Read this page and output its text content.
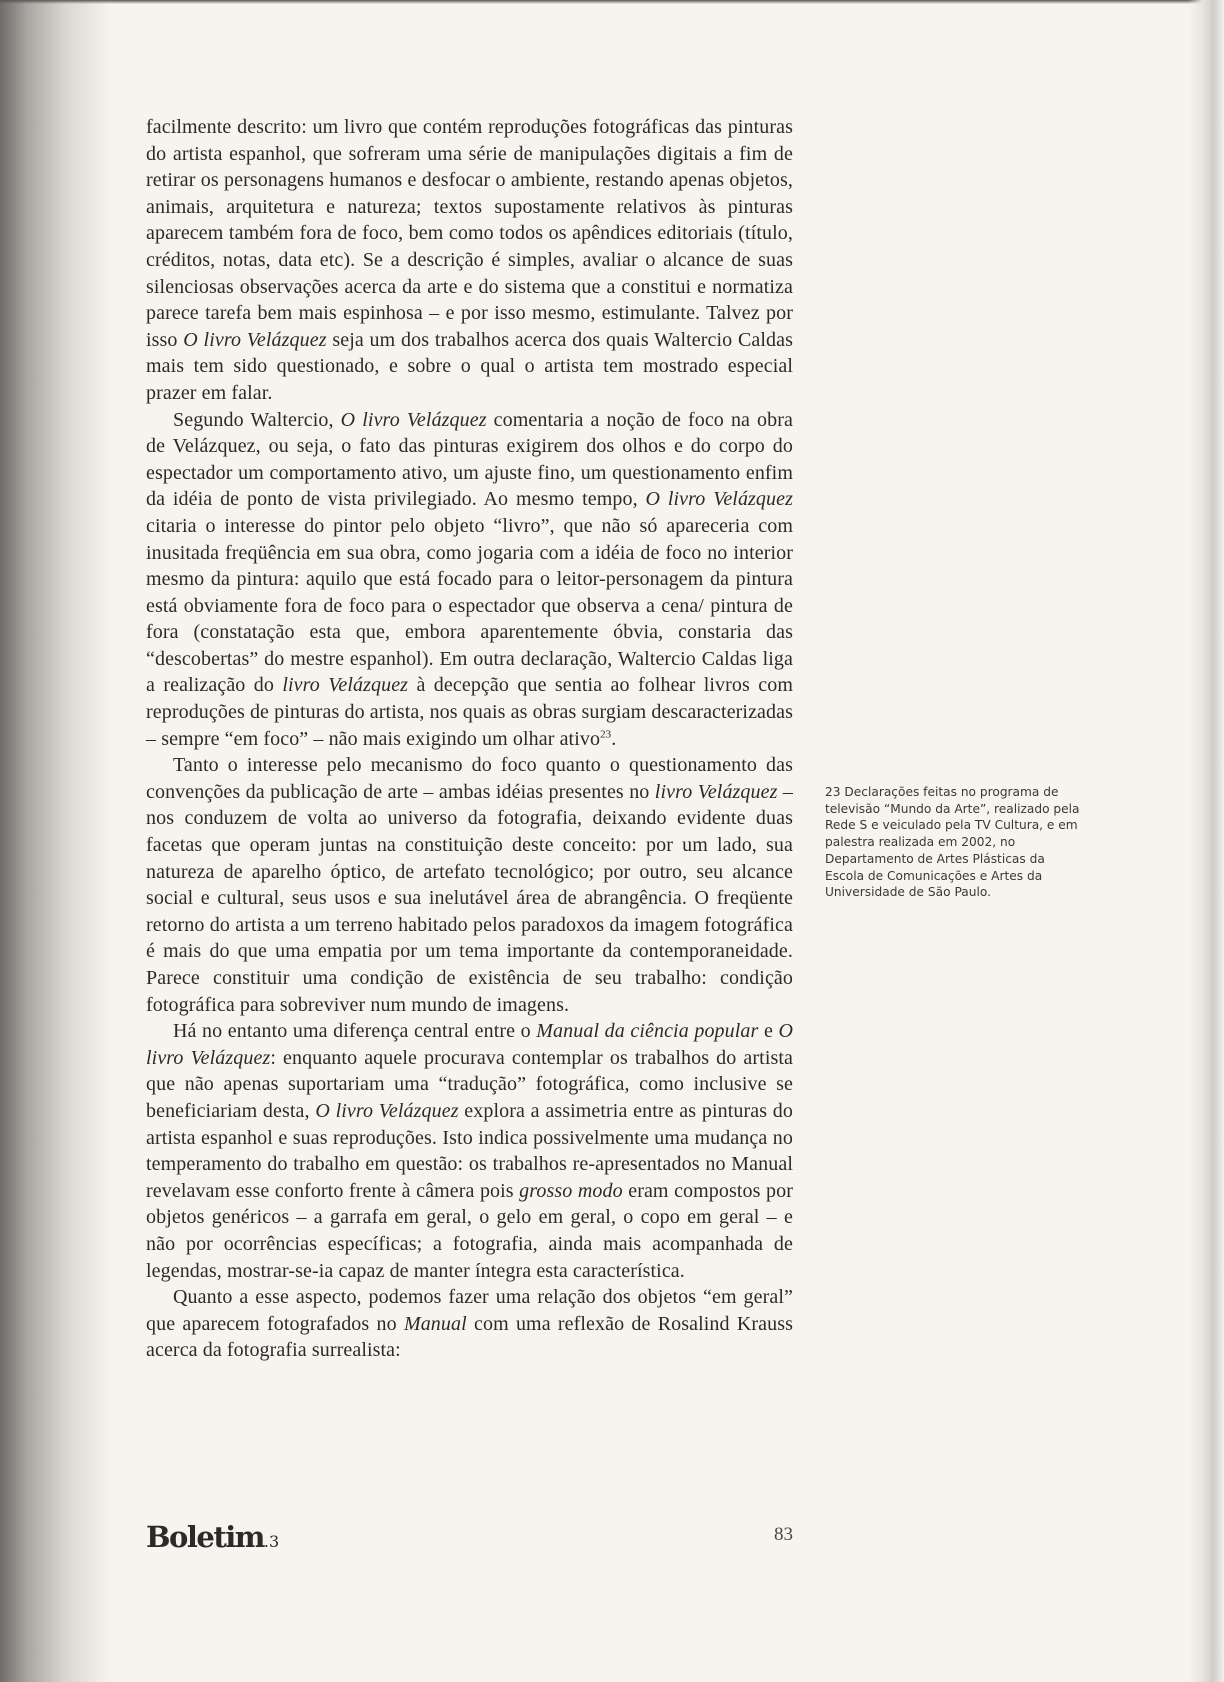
facilmente descrito: um livro que contém reproduções fotográficas das pinturas do artista espanhol, que sofreram uma série de manipulações digitais a fim de retirar os personagens humanos e desfocar o ambiente, restando apenas objetos, animais, arquitetura e natureza; textos supostamente relativos às pinturas aparecem também fora de foco, bem como todos os apêndices editoriais (título, créditos, notas, data etc). Se a descrição é simples, avaliar o alcance de suas silenciosas observações acerca da arte e do sistema que a constitui e normatiza parece tarefa bem mais espinhosa – e por isso mesmo, estimulante. Talvez por isso O livro Velázquez seja um dos trabalhos acerca dos quais Waltercio Caldas mais tem sido questionado, e sobre o qual o artista tem mostrado especial prazer em falar.

Segundo Waltercio, O livro Velázquez comentaria a noção de foco na obra de Velázquez, ou seja, o fato das pinturas exigirem dos olhos e do corpo do espectador um comportamento ativo, um ajuste fino, um questionamento enfim da idéia de ponto de vista privilegiado. Ao mesmo tempo, O livro Velázquez citaria o interesse do pintor pelo objeto “livro”, que não só apareceria com inusitada freqüência em sua obra, como jogaria com a idéia de foco no interior mesmo da pintura: aquilo que está focado para o leitor-personagem da pintura está obviamente fora de foco para o espectador que observa a cena/ pintura de fora (constatação esta que, embora aparentemente óbvia, constaria das “descobertas” do mestre espanhol). Em outra declaração, Waltercio Caldas liga a realização do livro Velázquez à decepção que sentia ao folhear livros com reproduções de pinturas do artista, nos quais as obras surgiam descaracterizadas – sempre “em foco” – não mais exigindo um olhar ativo$^{23}$.

Tanto o interesse pelo mecanismo do foco quanto o questionamento das convenções da publicação de arte – ambas idéias presentes no livro Velázquez – nos conduzem de volta ao universo da fotografia, deixando evidente duas facetas que operam juntas na constituição deste conceito: por um lado, sua natureza de aparelho óptico, de artefato tecnológico; por outro, seu alcance social e cultural, seus usos e sua inelutável área de abrangência. O freqüente retorno do artista a um terreno habitado pelos paradoxos da imagem fotográfica é mais do que uma empatia por um tema importante da contemporaneidade. Parece constituir uma condição de existência de seu trabalho: condição fotográfica para sobreviver num mundo de imagens.

Há no entanto uma diferença central entre o Manual da ciência popular e O livro Velázquez: enquanto aquele procurava contemplar os trabalhos do artista que não apenas suportariam uma “tradução” fotográfica, como inclusive se beneficiariam desta, O livro Velázquez explora a assimetria entre as pinturas do artista espanhol e suas reproduções. Isto indica possivelmente uma mudança no temperamento do trabalho em questão: os trabalhos re-apresentados no Manual revelavam esse conforto frente à câmera pois grosso modo eram compostos por objetos genéricos – a garrafa em geral, o gelo em geral, o copo em geral – e não por ocorrências específicas; a fotografia, ainda mais acompanhada de legendas, mostrar-se-ia capaz de manter íntegra esta característica.

Quanto a esse aspecto, podemos fazer uma relação dos objetos “em geral” que aparecem fotografados no Manual com uma reflexão de Rosalind Krauss acerca da fotografia surrealista:

23 Declarações feitas no programa de televisão “Mundo da Arte”, realizado pela Rede S e veiculado pela TV Cultura, e em palestra realizada em 2002, no Departamento de Artes Plásticas da Escola de Comunicações e Artes da Universidade de São Paulo.
Boletim.3	83
